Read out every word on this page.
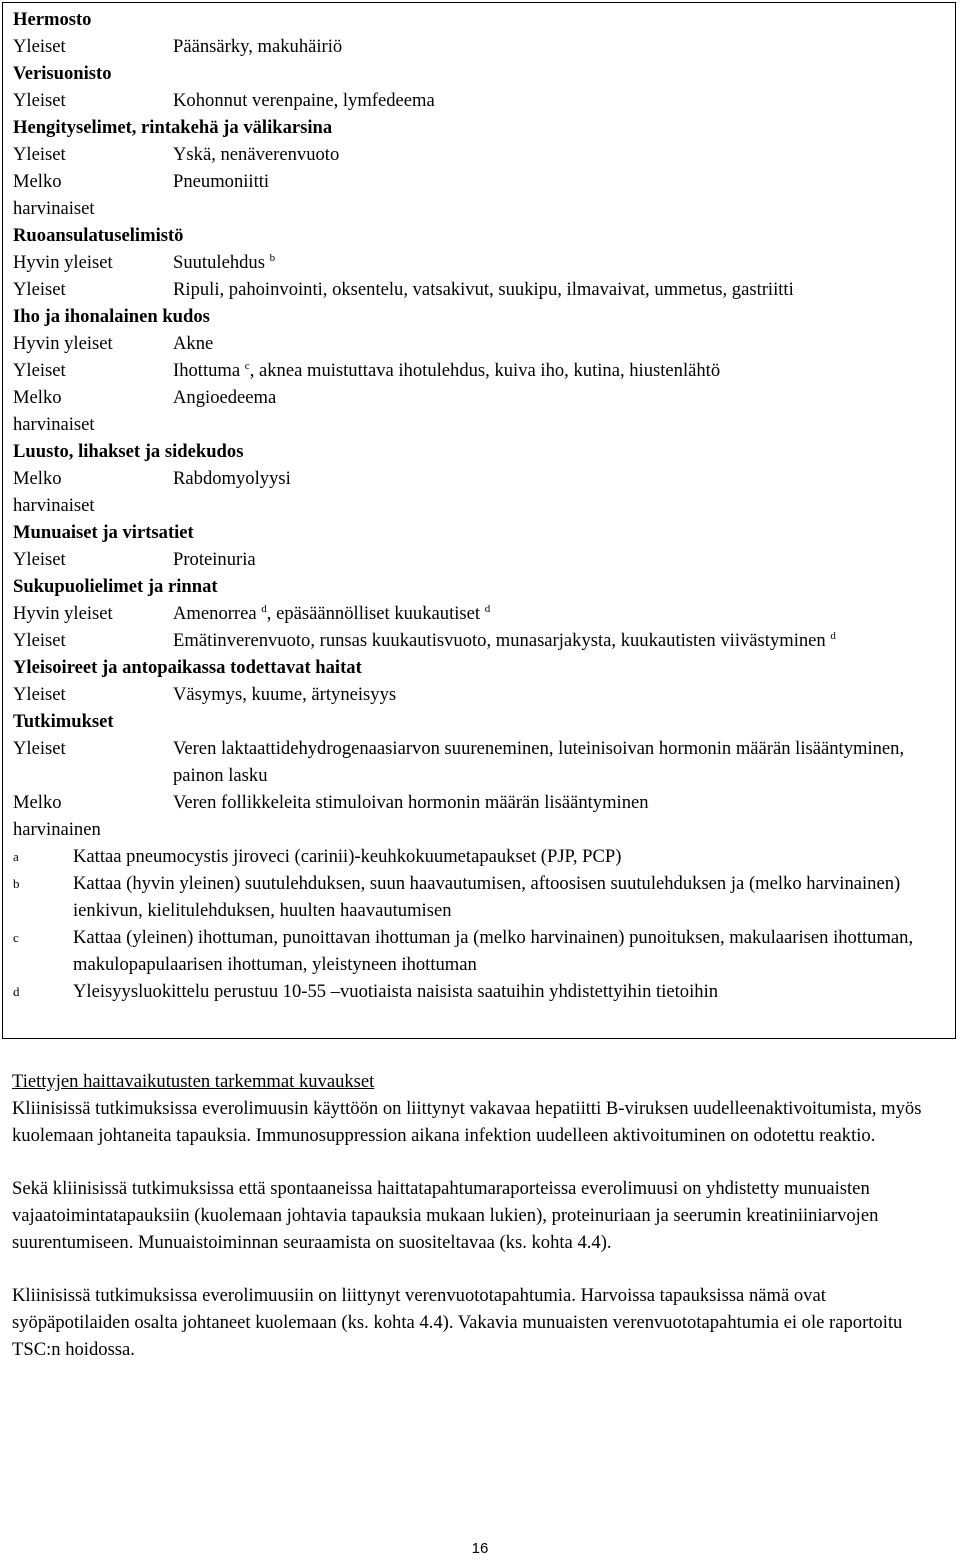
Hermosto
Yleiset	Päänsärky, makuhäiriö
Verisuonisto
Yleiset	Kohonnut verenpaine, lymfedeema
Hengityselimet, rintakehä ja välikarsina
Yleiset	Yskä, nenäverenvuoto
Melko	Pneumoniitti
harvinaiset
Ruoansulatuselimistö
Hyvin yleiset	Suutulehdus $^b$
Yleiset	Ripuli, pahoinvointi, oksentelu, vatsakivut, suukipu, ilmavaivat, ummetus, gastriitti
Iho ja ihonalainen kudos
Hyvin yleiset	Akne
Yleiset	Ihottuma $^c$, aknea muistuttava ihotulehdus, kuiva iho, kutina, hiustenlähtö
Melko	Angioedeema
harvinaiset
Luusto, lihakset ja sidekudos
Melko	Rabdomyolyysi
harvinaiset
Munuaiset ja virtsatiet
Yleiset	Proteinuria
Sukupuolielimet ja rinnat
Hyvin yleiset	Amenorrea $^d$, epäsäännölliset kuukautiset $^d$
Yleiset	Emätinverenvuoto, runsas kuukautisvuoto, munasarjakysta, kuukautisten viivästyminen $^d$
Yleisoireet ja antopaikassa todettavat haitat
Yleiset	Väsymys, kuume, ärtyneisyys
Tutkimukset
Yleiset	Veren laktaattidehydrogenaasiarvon suureneminen, luteinisoivan hormonin määrän lisääntyminen, painon lasku
Melko	Veren follikkeleita stimuloivan hormonin määrän lisääntyminen
harvinainen
a	Kattaa pneumocystis jiroveci (carinii)-keuhkokuumetapaukset (PJP, PCP)
b	Kattaa (hyvin yleinen) suutulehduksen, suun haavautumisen, aftoosisen suutulehduksen ja (melko harvinainen) ienkivun, kielitulehduksen, huulten haavautumisen
c	Kattaa (yleinen) ihottuman, punoittavan ihottuman ja (melko harvinainen) punoituksen, makulaarisen ihottuman, makulopapulaarisen ihottuman, yleistyneen ihottuman
d	Yleisyysluokittelu perustuu 10-55 –vuotiaista naisista saatuihin yhdistettyihin tietoihin

Tiettyjen haittavaikutusten tarkemmat kuvaukset
Kliinisissä tutkimuksissa everolimuusin käyttöön on liittynyt vakavaa hepatiitti B-viruksen uudelleenaktivoitumista, myös kuolemaan johtaneita tapauksia. Immunosuppression aikana infektion uudelleen aktivoituminen on odotettu reaktio.

Sekä kliinisissä tutkimuksissa että spontaaneissa haittatapahtumaraporteissa everolimuusi on yhdistetty munuaisten vajaatoimintatapauksiin (kuolemaan johtavia tapauksia mukaan lukien), proteinuriaan ja seerumin kreatiniiniarvojen suurentumiseen. Munuaistoiminnan seuraamista on suositeltavaa (ks. kohta 4.4).

Kliinisissä tutkimuksissa everolimuusiin on liittynyt verenvuototapahtumia. Harvoissa tapauksissa nämä ovat syöpäpotilaiden osalta johtaneet kuolemaan (ks. kohta 4.4). Vakavia munuaisten verenvuototapahtumia ei ole raportoitu TSC:n hoidossa.

16
